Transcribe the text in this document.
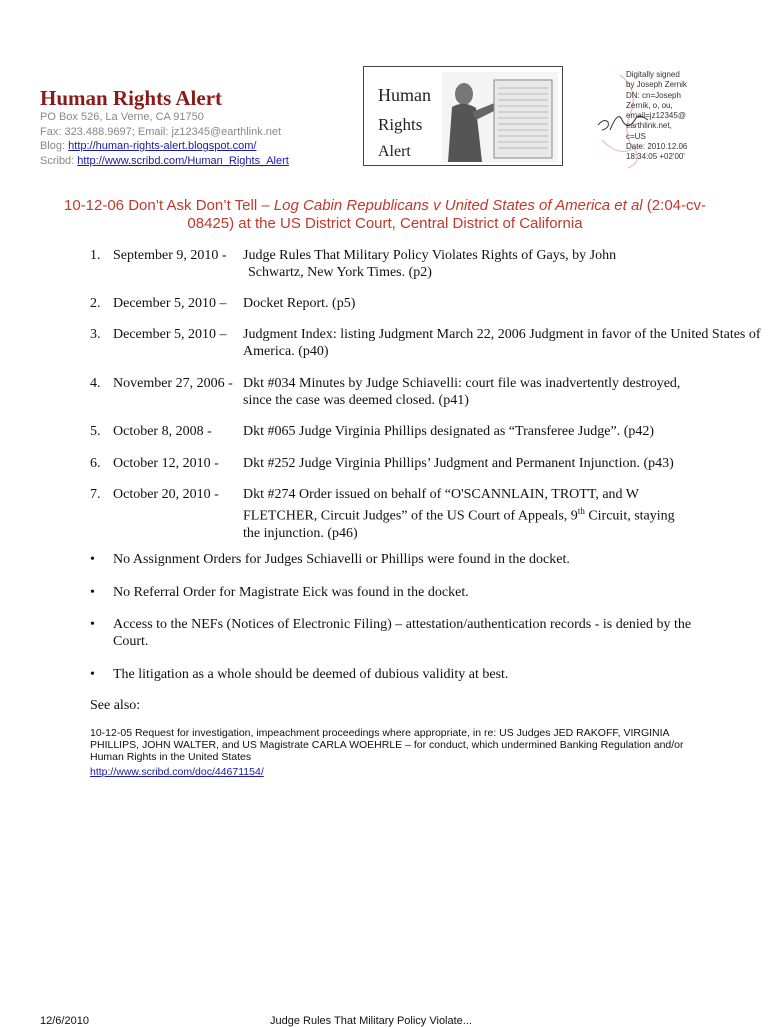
Human Rights Alert
PO Box 526, La Verne, CA 91750
Fax: 323.488.9697; Email: jz12345@earthlink.net
Blog: http://human-rights-alert.blogspot.com/
Scribd: http://www.scribd.com/Human_Rights_Alert
Human
Rights
Alert
Digitally signed
by Joseph Zernik
DN: cn=Joseph
Zernik, o, ou,
email=jz12345@
earthlink.net,
c=US
Date: 2010.12.06
18:34:05 +02'00'
10-12-06 Don’t Ask Don’t Tell – Log Cabin Republicans v United States of America et al (2:04-cv-08425) at the US District Court, Central District of California
1. September 9, 2010 - Judge Rules That Military Policy Violates Rights of Gays, by John
Schwartz, New York Times. (p2)
2. December 5, 2010 – Docket Report. (p5)
3. December 5, 2010 – Judgment Index: listing Judgment March 22, 2006 Judgment in favor of the United States of America. (p40)
4. November 27, 2006 - Dkt #034 Minutes by Judge Schiavelli: court file was inadvertently destroyed,
since the case was deemed closed. (p41)
5. October 8, 2008 - Dkt #065 Judge Virginia Phillips designated as “Transferee Judge”. (p42)
6. October 12, 2010 - Dkt #252 Judge Virginia Phillips’ Judgment and Permanent Injunction. (p43)
7. October 20, 2010 - Dkt #274 Order issued on behalf of “O'SCANNLAIN, TROTT, and W FLETCHER, Circuit Judges” of the US Court of Appeals, 9th Circuit, staying the injunction. (p46)
• No Assignment Orders for Judges Schiavelli or Phillips were found in the docket.
• No Referral Order for Magistrate Eick was found in the docket.
• Access to the NEFs (Notices of Electronic Filing) – attestation/authentication records - is denied by the Court.
• The litigation as a whole should be deemed of dubious validity at best.
See also:
10-12-05 Request for investigation, impeachment proceedings where appropriate, in re: US Judges JED RAKOFF, VIRGINIA PHILLIPS, JOHN WALTER, and US Magistrate CARLA WOEHRLE – for conduct, which undermined Banking Regulation and/or Human Rights in the United States
http://www.scribd.com/doc/44671154/
12/6/2010	Judge Rules That Military Policy Violate...
